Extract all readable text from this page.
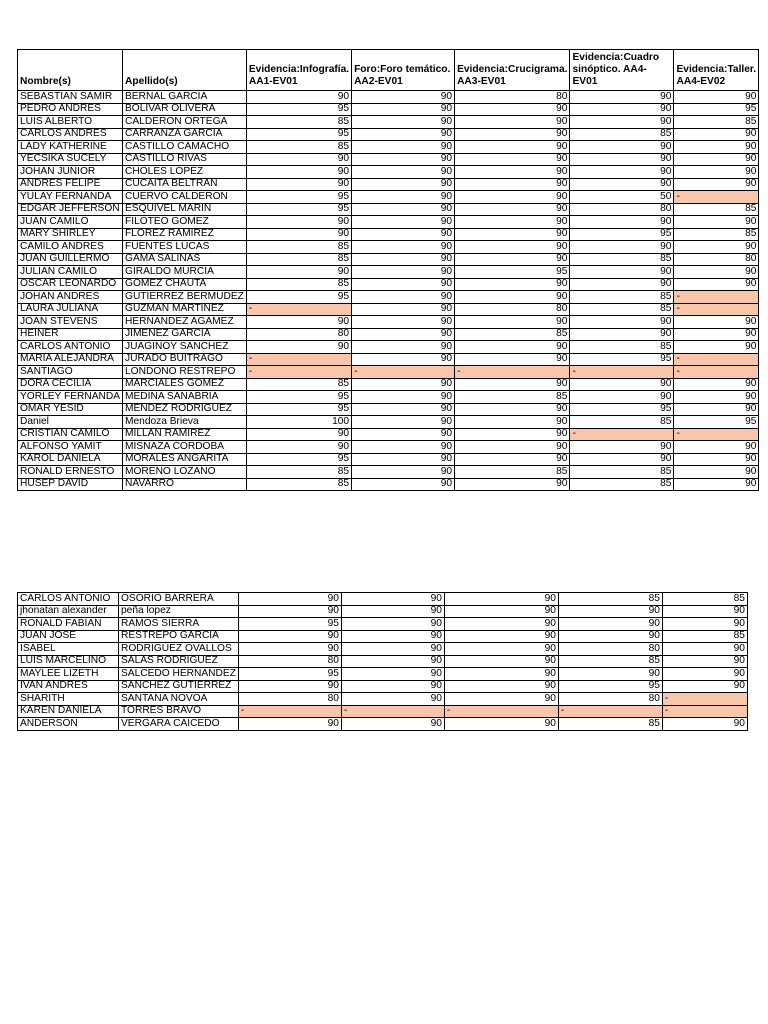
Nombre(s)	Apellido(s)	Evidencia:Infografía. AA1-EV01	Foro:Foro temático. AA2-EV01	Evidencia:Crucigrama. AA3-EV01	Evidencia:Cuadro sinóptico. AA4-EV01	Evidencia:Taller. AA4-EV02
SEBASTIAN SAMIR	BERNAL GARCIA	90	90	80	90	90
PEDRO ANDRÉS	BOLÍVAR OLIVERA	95	90	90	90	95
LUIS ALBERTO	CALDERON ORTEGA	85	90	90	90	85
CARLOS ANDRES	CARRANZA GARCIA	95	90	90	85	90
LADY KATHERINE	CASTILLO CAMACHO	85	90	90	90	90
YECSIKA SUCELY	CASTILLO RIVAS	90	90	90	90	90
JOHAN JUNIOR	CHOLES LÓPEZ	90	90	90	90	90
ANDRES FELIPE	CUCAITA BELTRAN	90	90	90	90	90
YULAY FERNANDA	CUERVO CALDERON	95	90	90	50	-
EDGAR JEFFERSON	ESQUIVEL MARIN	95	90	90	80	85
JUAN CAMILO	FILOTEO GOMEZ	90	90	90	90	90
MARY SHIRLEY	FLOREZ RAMIREZ	90	90	90	95	85
CAMILO ANDRES	FUENTES LUCAS	85	90	90	90	90
JUAN GUILLERMO	GAMA SALINAS	85	90	90	85	80
JULIAN CAMILO	GIRALDO MURCIA	90	90	95	90	90
OSCAR LEONARDO	GOMEZ CHAUTA	85	90	90	90	90
JOHAN ANDRES	GUTIERREZ BERMUDEZ	95	90	90	85	-
LAURA JULIANA	GUZMAN MARTINEZ	-	90	80	85	-
JOAN STEVENS	HERNANDEZ AGAMEZ	90	90	90	90	90
HEINER	JIMENEZ GARCIA	80	90	85	90	90
CARLOS ANTONIO	JUAGINOY SANCHEZ	90	90	90	85	90
MARIA ALEJANDRA	JURADO BUITRAGO	-	90	90	95	-
SANTIAGO	LONDOÑO RESTREPO	-	-	-	-	-
DORA CECILIA	MARCIALES GOMEZ	85	90	90	90	90
YORLEY FERNANDA	MEDINA SANABRIA	95	90	85	90	90
OMAR YESID	MENDEZ RODRIGUEZ	95	90	90	95	90
Daniel	Mendoza Brieva	100	90	90	85	95
CRISTIAN CAMILO	MILLAN RAMIREZ	90	90	90	-	-
ALFONSO YAMIT	MISNAZA CORDOBA	90	90	90	90	90
KAROL DANIELA	MORALES ANGARITA	95	90	90	90	90
RONALD ERNESTO	MORENO LOZANO	85	90	85	85	90
HUSEP DAVID	NAVARRO	85	90	90	85	90
CARLOS ANTONIO	OSORIO BARRERA	90	90	90	85	85
jhonatan alexander	peña lopez	90	90	90	90	90
RONALD FABIAN	RAMOS SIERRA	95	90	90	90	90
JUAN JOSE	RESTREPO GARCIA	90	90	90	90	85
ISABEL	RODRIGUEZ OVALLOS	90	90	90	80	90
LUIS MARCELINO	SALAS RODRIGUEZ	80	90	90	85	90
MAYLEE LIZETH	SALCEDO HERNANDEZ	95	90	90	90	90
IVAN ANDRES	SANCHEZ GUTIERREZ	90	90	90	95	90
SHARITH	SANTANA NOVOA	80	90	90	80	-
KAREN DANIELA	TORRES BRAVO	-	-	-	-	-
ANDERSON	VERGARA CAICEDO	90	90	90	85	90
